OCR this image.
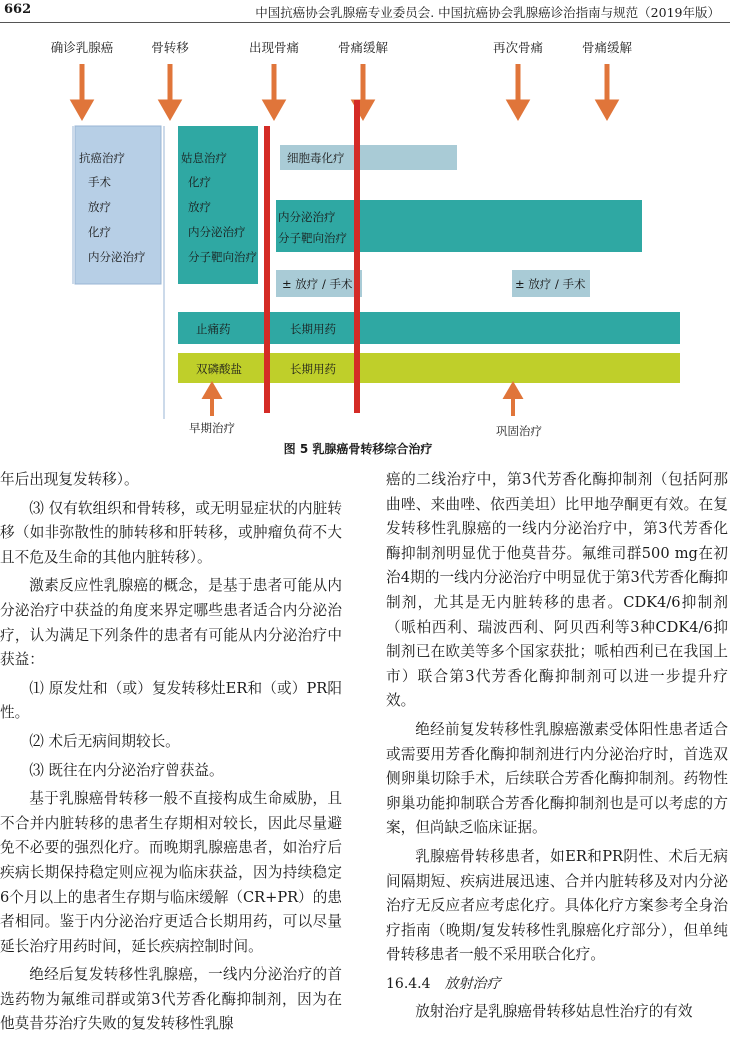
662	中国抗癌协会乳腺癌专业委员会. 中国抗癌协会乳腺癌诊治指南与规范（2019年版）
确诊乳腺癌	骨转移	出现骨痛	骨痛缓解	再次骨痛	骨痛缓解
抗癌治疗
手术
放疗
化疗
内分泌治疗
姑息治疗
化疗
放疗
内分泌治疗
分子靶向治疗
细胞毒化疗
内分泌治疗
分子靶向治疗
± 放疗 / 手术	± 放疗 / 手术
止痛药	长期用药
双磷酸盐	长期用药
早期治疗	巩固治疗
图 5 乳腺癌骨转移综合治疗

年后出现复发转移）。

⑶ 仅有软组织和骨转移，或无明显症状的内脏转移（如非弥散性的肺转移和肝转移，或肿瘤负荷不大且不危及生命的其他内脏转移）。

激素反应性乳腺癌的概念，是基于患者可能从内分泌治疗中获益的角度来界定哪些患者适合内分泌治疗，认为满足下列条件的患者有可能从内分泌治疗中获益：

⑴ 原发灶和（或）复发转移灶ER和（或）PR阳性。

⑵ 术后无病间期较长。

⑶ 既往在内分泌治疗曾获益。

基于乳腺癌骨转移一般不直接构成生命威胁，且不合并内脏转移的患者生存期相对较长，因此尽量避免不必要的强烈化疗。而晚期乳腺癌患者，如治疗后疾病长期保持稳定则应视为临床获益，因为持续稳定6个月以上的患者生存期与临床缓解（CR+PR）的患者相同。鉴于内分泌治疗更适合长期用药，可以尽量延长治疗用药时间，延长疾病控制时间。

绝经后复发转移性乳腺癌，一线内分泌治疗的首选药物为氟维司群或第3代芳香化酶抑制剂，因为在他莫昔芬治疗失败的复发转移性乳腺

癌的二线治疗中，第3代芳香化酶抑制剂（包括阿那曲唑、来曲唑、依西美坦）比甲地孕酮更有效。在复发转移性乳腺癌的一线内分泌治疗中，第3代芳香化酶抑制剂明显优于他莫昔芬。氟维司群500 mg在初治4期的一线内分泌治疗中明显优于第3代芳香化酶抑制剂，尤其是无内脏转移的患者。CDK4/6抑制剂（哌柏西利、瑞波西利、阿贝西利等3种CDK4/6抑制剂已在欧美等多个国家获批；哌柏西利已在我国上市）联合第3代芳香化酶抑制剂可以进一步提升疗效。

绝经前复发转移性乳腺癌激素受体阳性患者适合或需要用芳香化酶抑制剂进行内分泌治疗时，首选双侧卵巢切除手术，后续联合芳香化酶抑制剂。药物性卵巢功能抑制联合芳香化酶抑制剂也是可以考虑的方案，但尚缺乏临床证据。

乳腺癌骨转移患者，如ER和PR阴性、术后无病间隔期短、疾病进展迅速、合并内脏转移及对内分泌治疗无反应者应考虑化疗。具体化疗方案参考全身治疗指南（晚期/复发转移性乳腺癌化疗部分），但单纯骨转移患者一般不采用联合化疗。

16.4.4 放射治疗

放射治疗是乳腺癌骨转移姑息性治疗的有效
